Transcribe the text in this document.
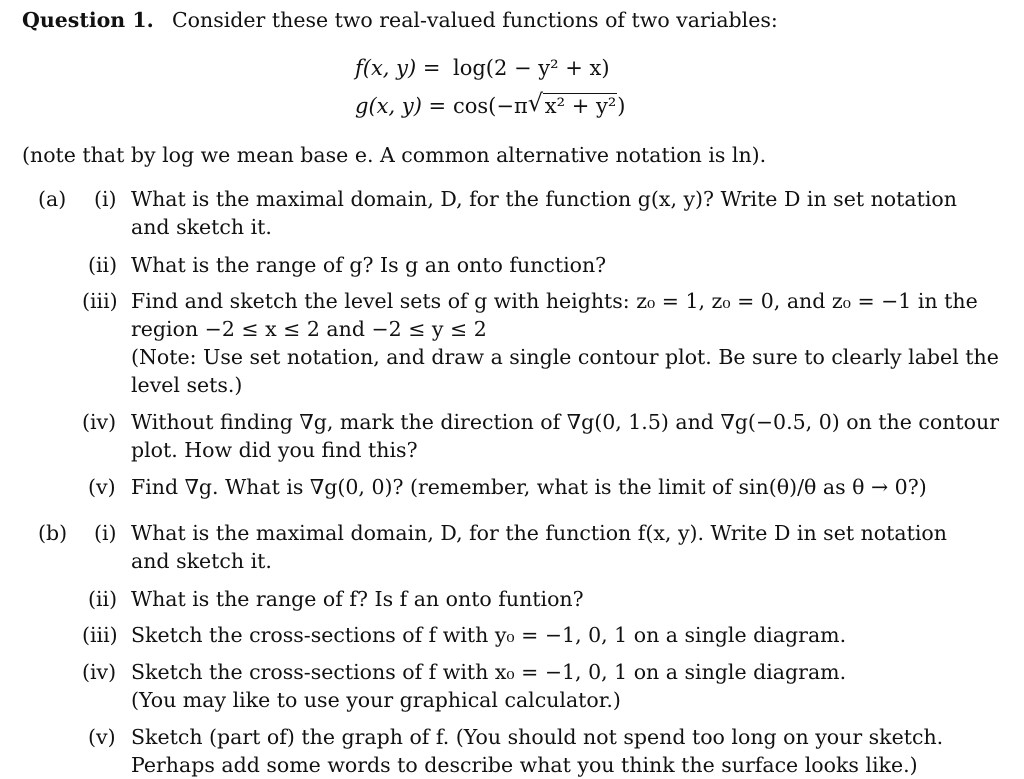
Question 1. Consider these two real-valued functions of two variables:
f(x, y) = log(2 − y² + x)
g(x, y) = cos(−π √ x² + y²)
(note that by log we mean base e. A common alternative notation is ln).
(a) (i) What is the maximal domain, D, for the function g(x, y)? Write D in set notation
and sketch it.
(ii) What is the range of g? Is g an onto function?
(iii) Find and sketch the level sets of g with heights: z₀ = 1, z₀ = 0, and z₀ = −1 in the
region −2 ≤ x ≤ 2 and −2 ≤ y ≤ 2
(Note: Use set notation, and draw a single contour plot. Be sure to clearly label the
level sets.)
(iv) Without finding ∇g, mark the direction of ∇g(0, 1.5) and ∇g(−0.5, 0) on the contour
plot. How did you find this?
(v) Find ∇g. What is ∇g(0, 0)? (remember, what is the limit of sin(θ)/θ as θ → 0?)
(b) (i) What is the maximal domain, D, for the function f(x, y). Write D in set notation
and sketch it.
(ii) What is the range of f? Is f an onto funtion?
(iii) Sketch the cross-sections of f with y₀ = −1, 0, 1 on a single diagram.
(iv) Sketch the cross-sections of f with x₀ = −1, 0, 1 on a single diagram.
(You may like to use your graphical calculator.)
(v) Sketch (part of) the graph of f. (You should not spend too long on your sketch.
Perhaps add some words to describe what you think the surface looks like.)
